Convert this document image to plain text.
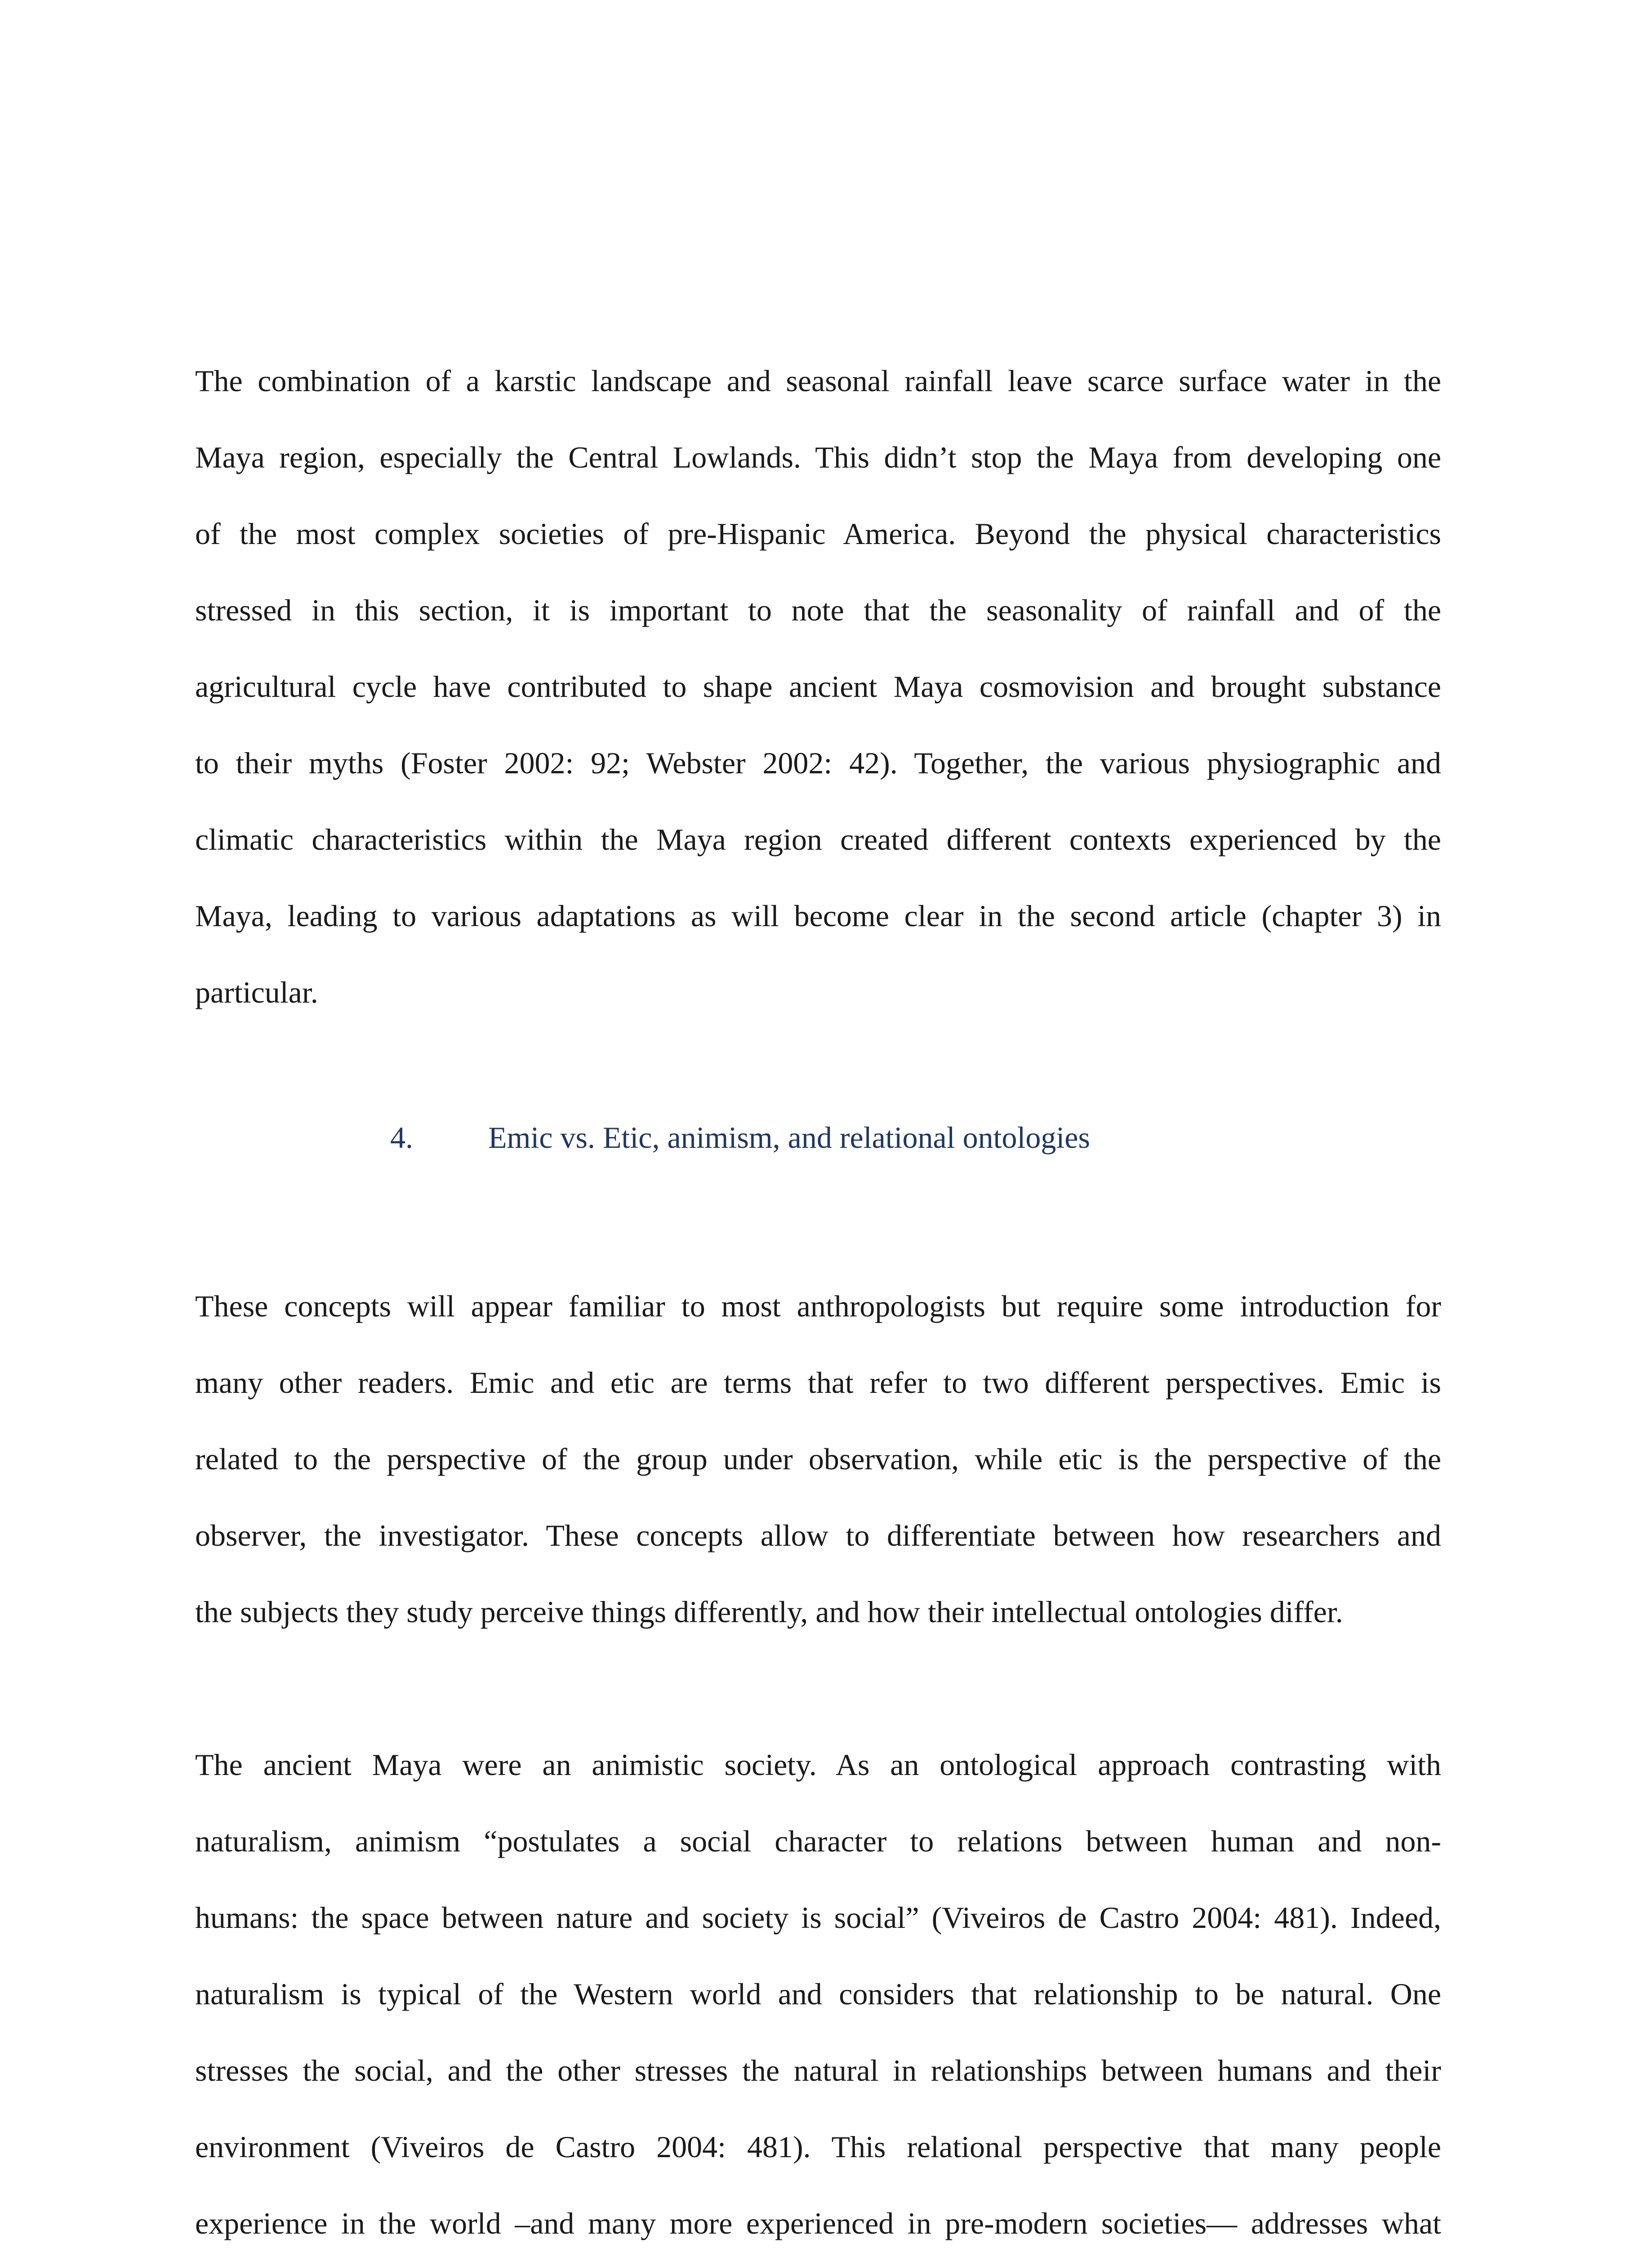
The combination of a karstic landscape and seasonal rainfall leave scarce surface water in the
Maya region, especially the Central Lowlands. This didn’t stop the Maya from developing one
of the most complex societies of pre-Hispanic America. Beyond the physical characteristics
stressed in this section, it is important to note that the seasonality of rainfall and of the
agricultural cycle have contributed to shape ancient Maya cosmovision and brought substance
to their myths (Foster 2002: 92; Webster 2002: 42). Together, the various physiographic and
climatic characteristics within the Maya region created different contexts experienced by the
Maya, leading to various adaptations as will become clear in the second article (chapter 3) in
particular.

4. Emic vs. Etic, animism, and relational ontologies

These concepts will appear familiar to most anthropologists but require some introduction for
many other readers. Emic and etic are terms that refer to two different perspectives. Emic is
related to the perspective of the group under observation, while etic is the perspective of the
observer, the investigator. These concepts allow to differentiate between how researchers and
the subjects they study perceive things differently, and how their intellectual ontologies differ.

The ancient Maya were an animistic society. As an ontological approach contrasting with
naturalism, animism “postulates a social character to relations between human and non-
humans: the space between nature and society is social” (Viveiros de Castro 2004: 481). Indeed,
naturalism is typical of the Western world and considers that relationship to be natural. One
stresses the social, and the other stresses the natural in relationships between humans and their
environment (Viveiros de Castro 2004: 481). This relational perspective that many people
experience in the world –and many more experienced in pre-modern societies— addresses what
